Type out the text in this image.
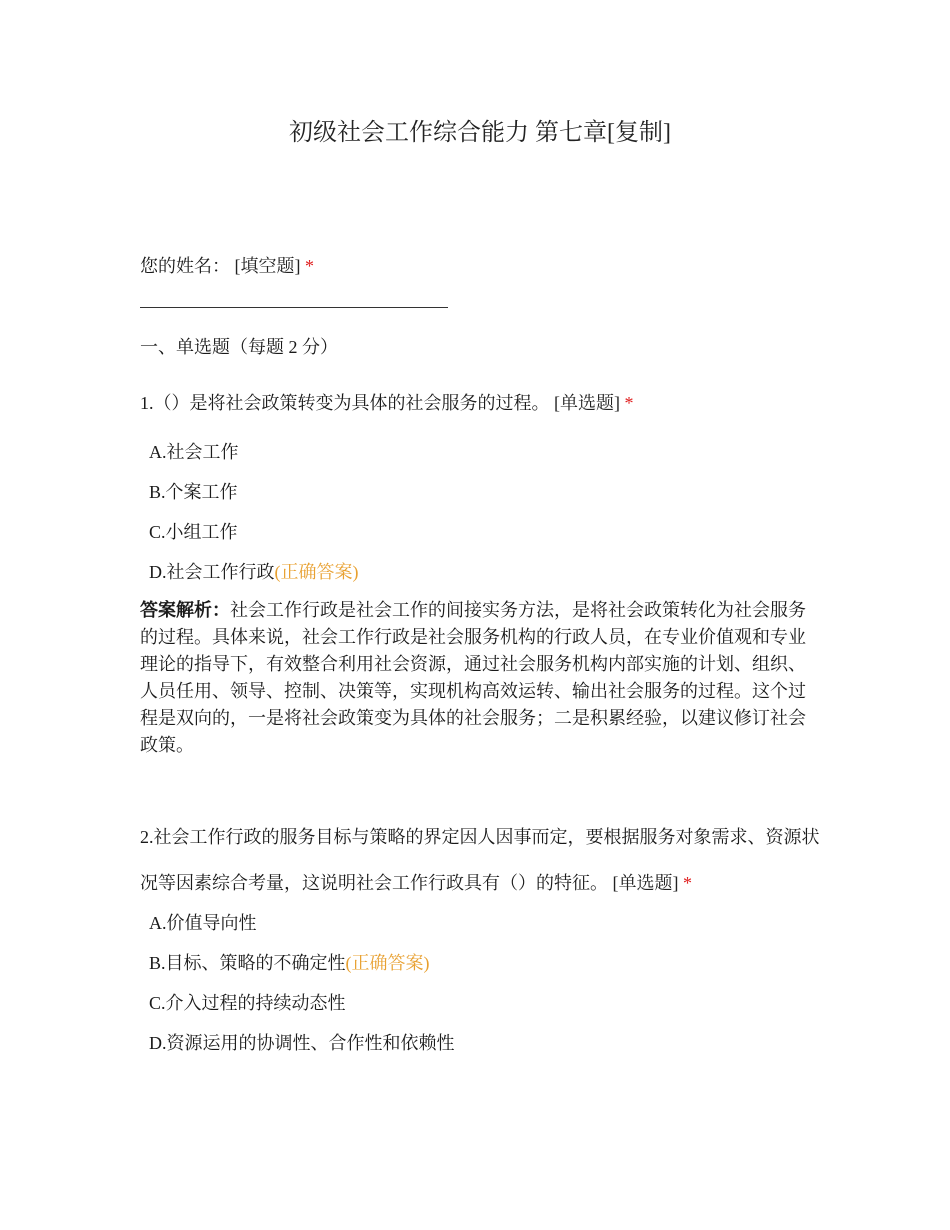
初级社会工作综合能力 第七章[复制]
您的姓名： [填空题] *
一、单选题（每题 2 分）
1.（）是将社会政策转变为具体的社会服务的过程。 [单选题] *
A.社会工作
B.个案工作
C.小组工作
D.社会工作行政(正确答案)
答案解析：社会工作行政是社会工作的间接实务方法，是将社会政策转化为社会服务的过程。具体来说，社会工作行政是社会服务机构的行政人员，在专业价值观和专业理论的指导下，有效整合利用社会资源，通过社会服务机构内部实施的计划、组织、人员任用、领导、控制、决策等，实现机构高效运转、输出社会服务的过程。这个过程是双向的，一是将社会政策变为具体的社会服务；二是积累经验，以建议修订社会政策。
2.社会工作行政的服务目标与策略的界定因人因事而定，要根据服务对象需求、资源状况等因素综合考量，这说明社会工作行政具有（）的特征。 [单选题] *
A.价值导向性
B.目标、策略的不确定性(正确答案)
C.介入过程的持续动态性
D.资源运用的协调性、合作性和依赖性
